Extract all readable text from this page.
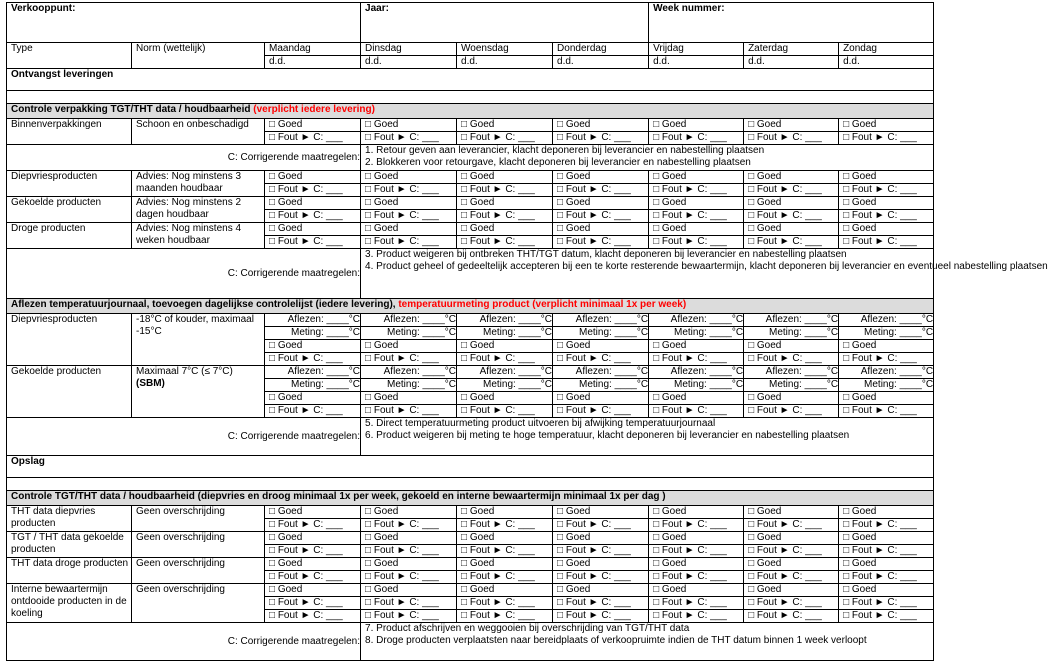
Verkooppunt:			Jaar:			Week nummer:		
Type	Norm (wettelijk)	Maandag	Dinsdag	Woensdag	Donderdag	Vrijdag	Zaterdag	Zondag
		d.d.	d.d.	d.d.	d.d.	d.d.	d.d.	d.d.
Ontvangst leveringen								

Controle verpakking TGT/THT data / houdbaarheid (verplicht iedere levering)								
Binnenverpakkingen	Schoon en onbeschadigd	□ Goed	□ Goed	□ Goed	□ Goed	□ Goed	□ Goed	□ Goed
		□ Fout ► C: ___	□ Fout ► C: ___	□ Fout ► C: ___	□ Fout ► C: ___	□ Fout ► C: ___	□ Fout ► C: ___	□ Fout ► C: ___
C: Corrigerende maatregelen:			1. Retour geven aan leverancier, klacht deponeren bij leverancier en nabestelling plaatsen
2. Blokkeren voor retourgave, klacht deponeren bij leverancier en nabestelling plaatsen					

Diepvriesproducten	Advies: Nog minstens 3 maanden houdbaar	□ Goed	□ Goed	□ Goed	□ Goed	□ Goed	□ Goed	□ Goed
		□ Fout ► C: ___	□ Fout ► C: ___	□ Fout ► C: ___	□ Fout ► C: ___	□ Fout ► C: ___	□ Fout ► C: ___	□ Fout ► C: ___
Gekoelde producten	Advies: Nog minstens 2 dagen houdbaar	□ Goed	□ Goed	□ Goed	□ Goed	□ Goed	□ Goed	□ Goed
		□ Fout ► C: ___	□ Fout ► C: ___	□ Fout ► C: ___	□ Fout ► C: ___	□ Fout ► C: ___	□ Fout ► C: ___	□ Fout ► C: ___
Droge producten	Advies: Nog minstens 4 weken houdbaar	□ Goed	□ Goed	□ Goed	□ Goed	□ Goed	□ Goed	□ Goed
		□ Fout ► C: ___	□ Fout ► C: ___	□ Fout ► C: ___	□ Fout ► C: ___	□ Fout ► C: ___	□ Fout ► C: ___	□ Fout ► C: ___
C: Corrigerende maatregelen:			3. Product weigeren bij ontbreken THT/TGT datum, klacht deponeren bij leverancier en nabestelling plaatsen
4. Product geheel of gedeeltelijk accepteren bij een te korte resterende bewaartermijn, klacht deponeren bij leverancier en eventueel nabestelling plaatsen					

Aflezen temperatuurjournaal, toevoegen dagelijkse controlelijst (iedere levering), temperatuurmeting product (verplicht minimaal 1x per week)								
Diepvriesproducten	-18°C of kouder, maximaal -15°C	Aflezen: ____°C	Aflezen: ____°C	Aflezen: ____°C	Aflezen: ____°C	Aflezen: ____°C	Aflezen: ____°C	Aflezen: ____°C
		Meting: ____°C	Meting: ____°C	Meting: ____°C	Meting: ____°C	Meting: ____°C	Meting: ____°C	Meting: ____°C
		□ Goed	□ Goed	□ Goed	□ Goed	□ Goed	□ Goed	□ Goed
		□ Fout ► C: ___	□ Fout ► C: ___	□ Fout ► C: ___	□ Fout ► C: ___	□ Fout ► C: ___	□ Fout ► C: ___	□ Fout ► C: ___
Gekoelde producten	Maximaal 7°C (≤ 7°C)
(SBM)	Aflezen: ____°C	Aflezen: ____°C	Aflezen: ____°C	Aflezen: ____°C	Aflezen: ____°C	Aflezen: ____°C	Aflezen: ____°C
		Meting: ____°C	Meting: ____°C	Meting: ____°C	Meting: ____°C	Meting: ____°C	Meting: ____°C	Meting: ____°C
		□ Goed	□ Goed	□ Goed	□ Goed	□ Goed	□ Goed	□ Goed
		□ Fout ► C: ___	□ Fout ► C: ___	□ Fout ► C: ___	□ Fout ► C: ___	□ Fout ► C: ___	□ Fout ► C: ___	□ Fout ► C: ___
C: Corrigerende maatregelen:			5. Direct temperatuurmeting product uitvoeren bij afwijking temperatuurjournaal
6. Product weigeren bij meting te hoge temperatuur, klacht deponeren bij leverancier en nabestelling plaatsen					

Opslag								

Controle TGT/THT data / houdbaarheid (diepvries en droog minimaal 1x per week, gekoeld en interne bewaartermijn minimaal 1x per dag )								
THT data diepvries producten	Geen overschrijding	□ Goed	□ Goed	□ Goed	□ Goed	□ Goed	□ Goed	□ Goed
		□ Fout ► C: ___	□ Fout ► C: ___	□ Fout ► C: ___	□ Fout ► C: ___	□ Fout ► C: ___	□ Fout ► C: ___	□ Fout ► C: ___
TGT / THT data gekoelde producten	Geen overschrijding	□ Goed	□ Goed	□ Goed	□ Goed	□ Goed	□ Goed	□ Goed
		□ Fout ► C: ___	□ Fout ► C: ___	□ Fout ► C: ___	□ Fout ► C: ___	□ Fout ► C: ___	□ Fout ► C: ___	□ Fout ► C: ___
THT data droge producten	Geen overschrijding	□ Goed	□ Goed	□ Goed	□ Goed	□ Goed	□ Goed	□ Goed
		□ Fout ► C: ___	□ Fout ► C: ___	□ Fout ► C: ___	□ Fout ► C: ___	□ Fout ► C: ___	□ Fout ► C: ___	□ Fout ► C: ___
Interne bewaartermijn ontdooide producten in de koeling	Geen overschrijding	□ Goed	□ Goed	□ Goed	□ Goed	□ Goed	□ Goed	□ Goed
		□ Fout ► C: ___	□ Fout ► C: ___	□ Fout ► C: ___	□ Fout ► C: ___	□ Fout ► C: ___	□ Fout ► C: ___	□ Fout ► C: ___
		□ Fout ► C: ___	□ Fout ► C: ___	□ Fout ► C: ___	□ Fout ► C: ___	□ Fout ► C: ___	□ Fout ► C: ___	□ Fout ► C: ___
C: Corrigerende maatregelen:			7. Product afschrijven en weggooien bij overschrijding van TGT/THT data
8. Droge producten verplaatsten naar bereidplaats of verkoopruimte indien de THT datum binnen 1 week verloopt					
